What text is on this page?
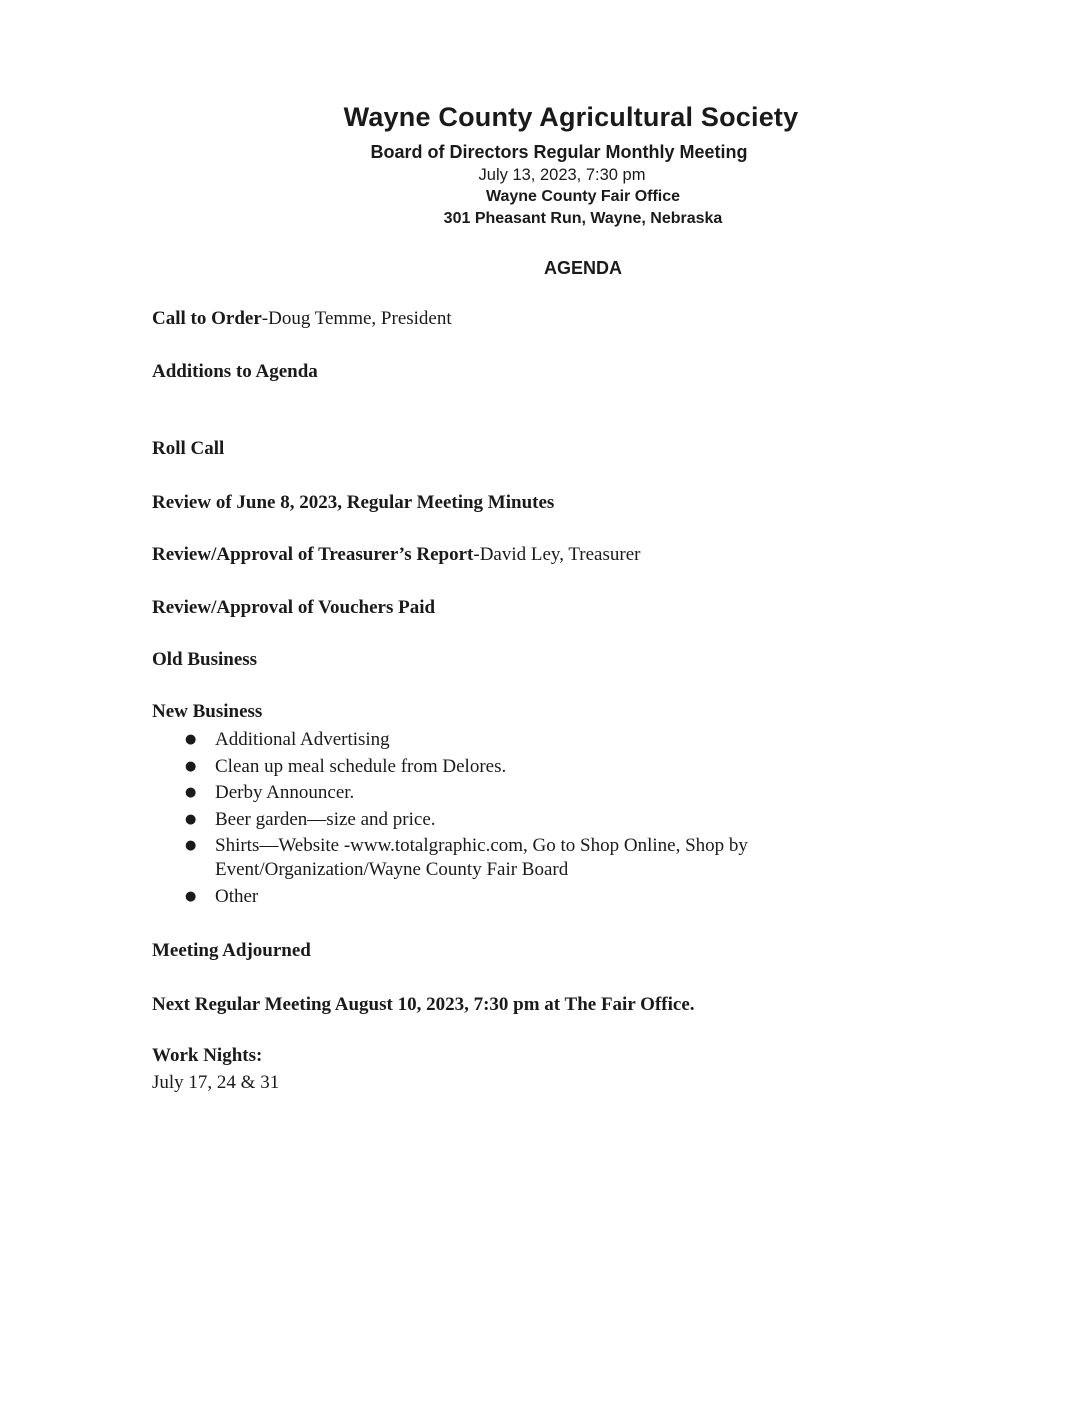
Wayne County Agricultural Society
Board of Directors Regular Monthly Meeting
July 13, 2023, 7:30 pm
Wayne County Fair Office
301 Pheasant Run, Wayne, Nebraska
AGENDA
Call to Order-Doug Temme, President
Additions to Agenda
Roll Call
Review of June 8, 2023, Regular Meeting Minutes
Review/Approval of Treasurer’s Report-David Ley, Treasurer
Review/Approval of Vouchers Paid
Old Business
New Business
● Additional Advertising
● Clean up meal schedule from Delores.
● Derby Announcer.
● Beer garden—size and price.
● Shirts—Website -www.totalgraphic.com, Go to Shop Online, Shop by Event/Organization/Wayne County Fair Board
● Other
Meeting Adjourned
Next Regular Meeting August 10, 2023, 7:30 pm at The Fair Office.
Work Nights:
July 17, 24 & 31
